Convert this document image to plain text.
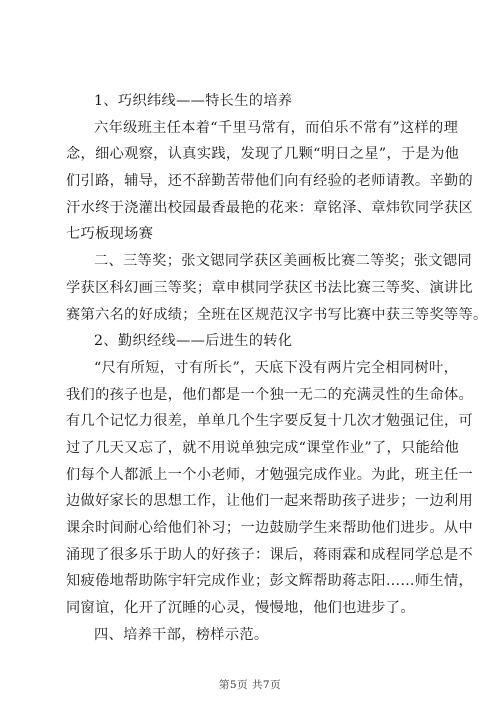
1、巧织纬线——特长生的培养
六年级班主任本着“千里马常有，而伯乐不常有”这样的理
念，细心观察，认真实践，发现了几颗“明日之星”，于是为他
们引路，辅导，还不辞勤苦带他们向有经验的老师请教。辛勤的
汗水终于浇灌出校园最香最艳的花来：章铭泽、章炜钦同学获区
七巧板现场赛
二、三等奖；张文锶同学获区美画板比赛二等奖；张文锶同
学获区科幻画三等奖；章申棋同学获区书法比赛三等奖、演讲比
赛第六名的好成绩；全班在区规范汉字书写比赛中获三等奖等等。
2、勤织经线——后进生的转化
“尺有所短，寸有所长”，天底下没有两片完全相同树叶，
我们的孩子也是，他们都是一个独一无二的充满灵性的生命体。
有几个记忆力很差，单单几个生字要反复十几次才勉强记住，可
过了几天又忘了，就不用说单独完成“课堂作业”了，只能给他
们每个人都派上一个小老师，才勉强完成作业。为此，班主任一
边做好家长的思想工作，让他们一起来帮助孩子进步；一边利用
课余时间耐心给他们补习；一边鼓励学生来帮助他们进步。从中
涌现了很多乐于助人的好孩子：课后，蒋雨霖和成程同学总是不
知疲倦地帮助陈宇轩完成作业；彭文辉帮助蒋志阳……师生情，
同窗谊，化开了沉睡的心灵，慢慢地，他们也进步了。
四、培养干部，榜样示范。
第5页 共7页
